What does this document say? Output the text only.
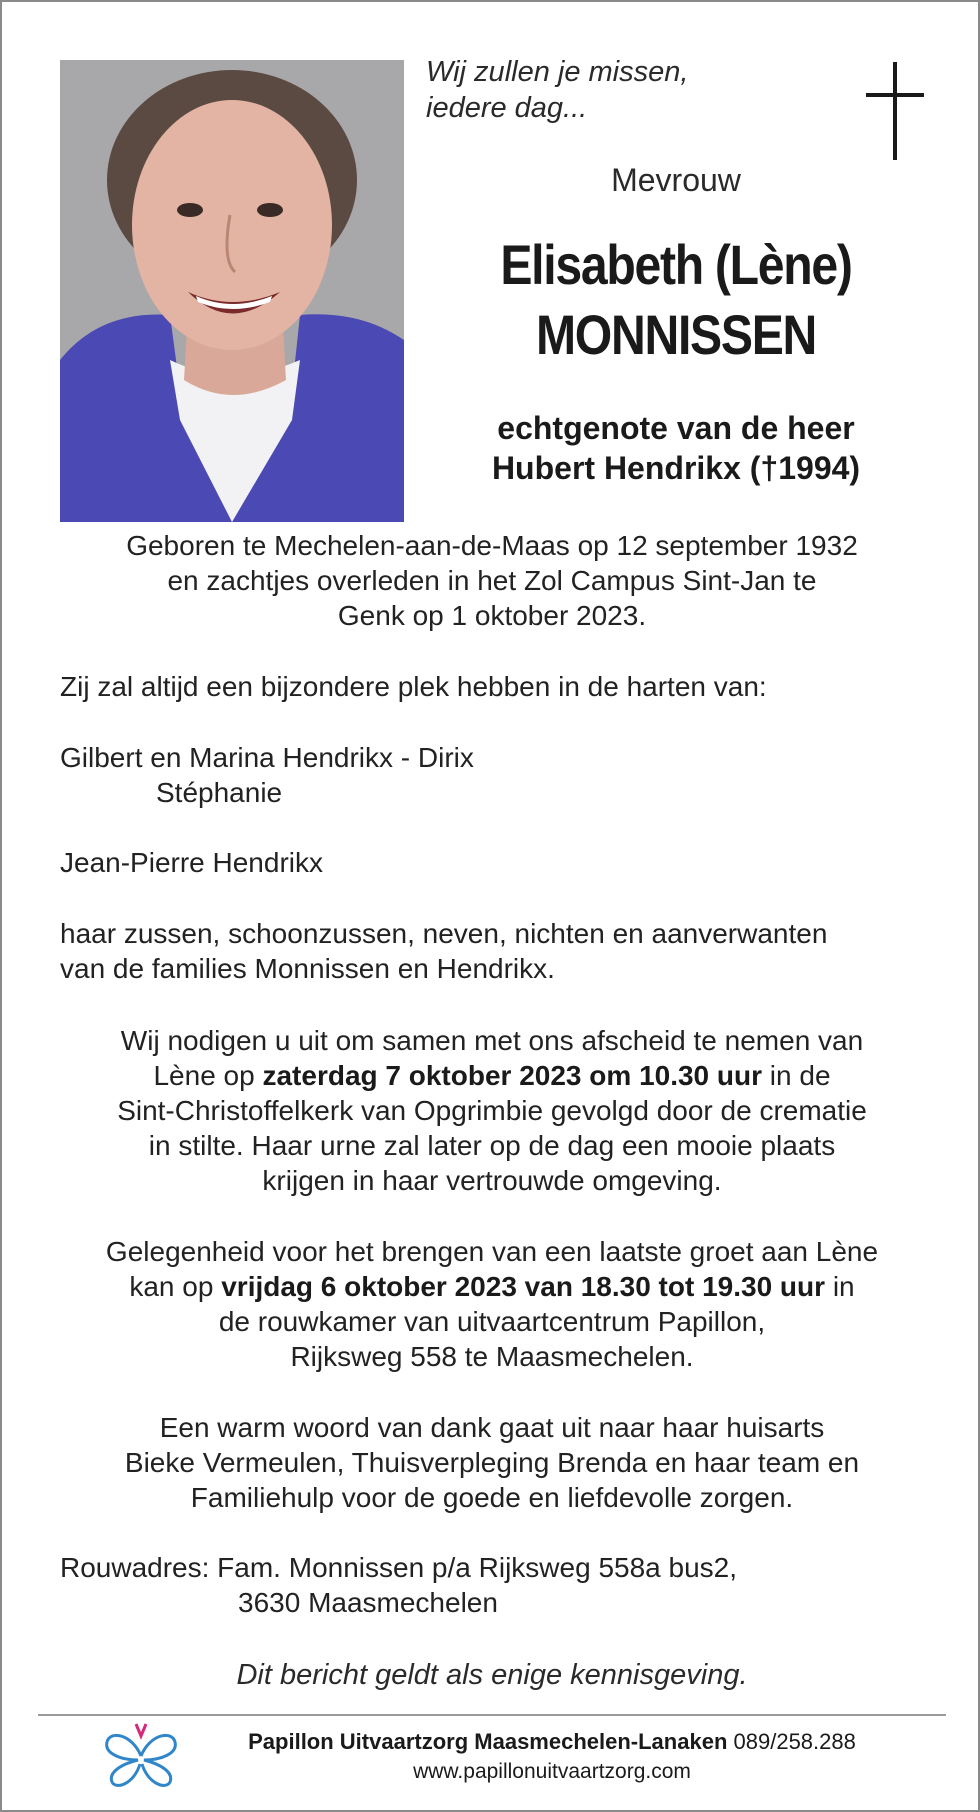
Wij zullen je missen,
iedere dag...
Mevrouw
Elisabeth (Lène)
MONNISSEN
echtgenote van de heer
Hubert Hendrikx (†1994)
Geboren te Mechelen-aan-de-Maas op 12 september 1932
en zachtjes overleden in het Zol Campus Sint-Jan te
Genk op 1 oktober 2023.
Zij zal altijd een bijzondere plek hebben in de harten van:
Gilbert en Marina Hendrikx - Dirix
Stéphanie
Jean-Pierre Hendrikx
haar zussen, schoonzussen, neven, nichten en aanverwanten
van de families Monnissen en Hendrikx.
Wij nodigen u uit om samen met ons afscheid te nemen van
Lène op zaterdag 7 oktober 2023 om 10.30 uur in de
Sint-Christoffelkerk van Opgrimbie gevolgd door de crematie
in stilte. Haar urne zal later op de dag een mooie plaats
krijgen in haar vertrouwde omgeving.
Gelegenheid voor het brengen van een laatste groet aan Lène
kan op vrijdag 6 oktober 2023 van 18.30 tot 19.30 uur in
de rouwkamer van uitvaartcentrum Papillon,
Rijksweg 558 te Maasmechelen.
Een warm woord van dank gaat uit naar haar huisarts
Bieke Vermeulen, Thuisverpleging Brenda en haar team en
Familiehulp voor de goede en liefdevolle zorgen.
Rouwadres: Fam. Monnissen p/a Rijksweg 558a bus2,
3630 Maasmechelen
Dit bericht geldt als enige kennisgeving.
Papillon Uitvaartzorg Maasmechelen-Lanaken 089/258.288
www.papillonuitvaartzorg.com
